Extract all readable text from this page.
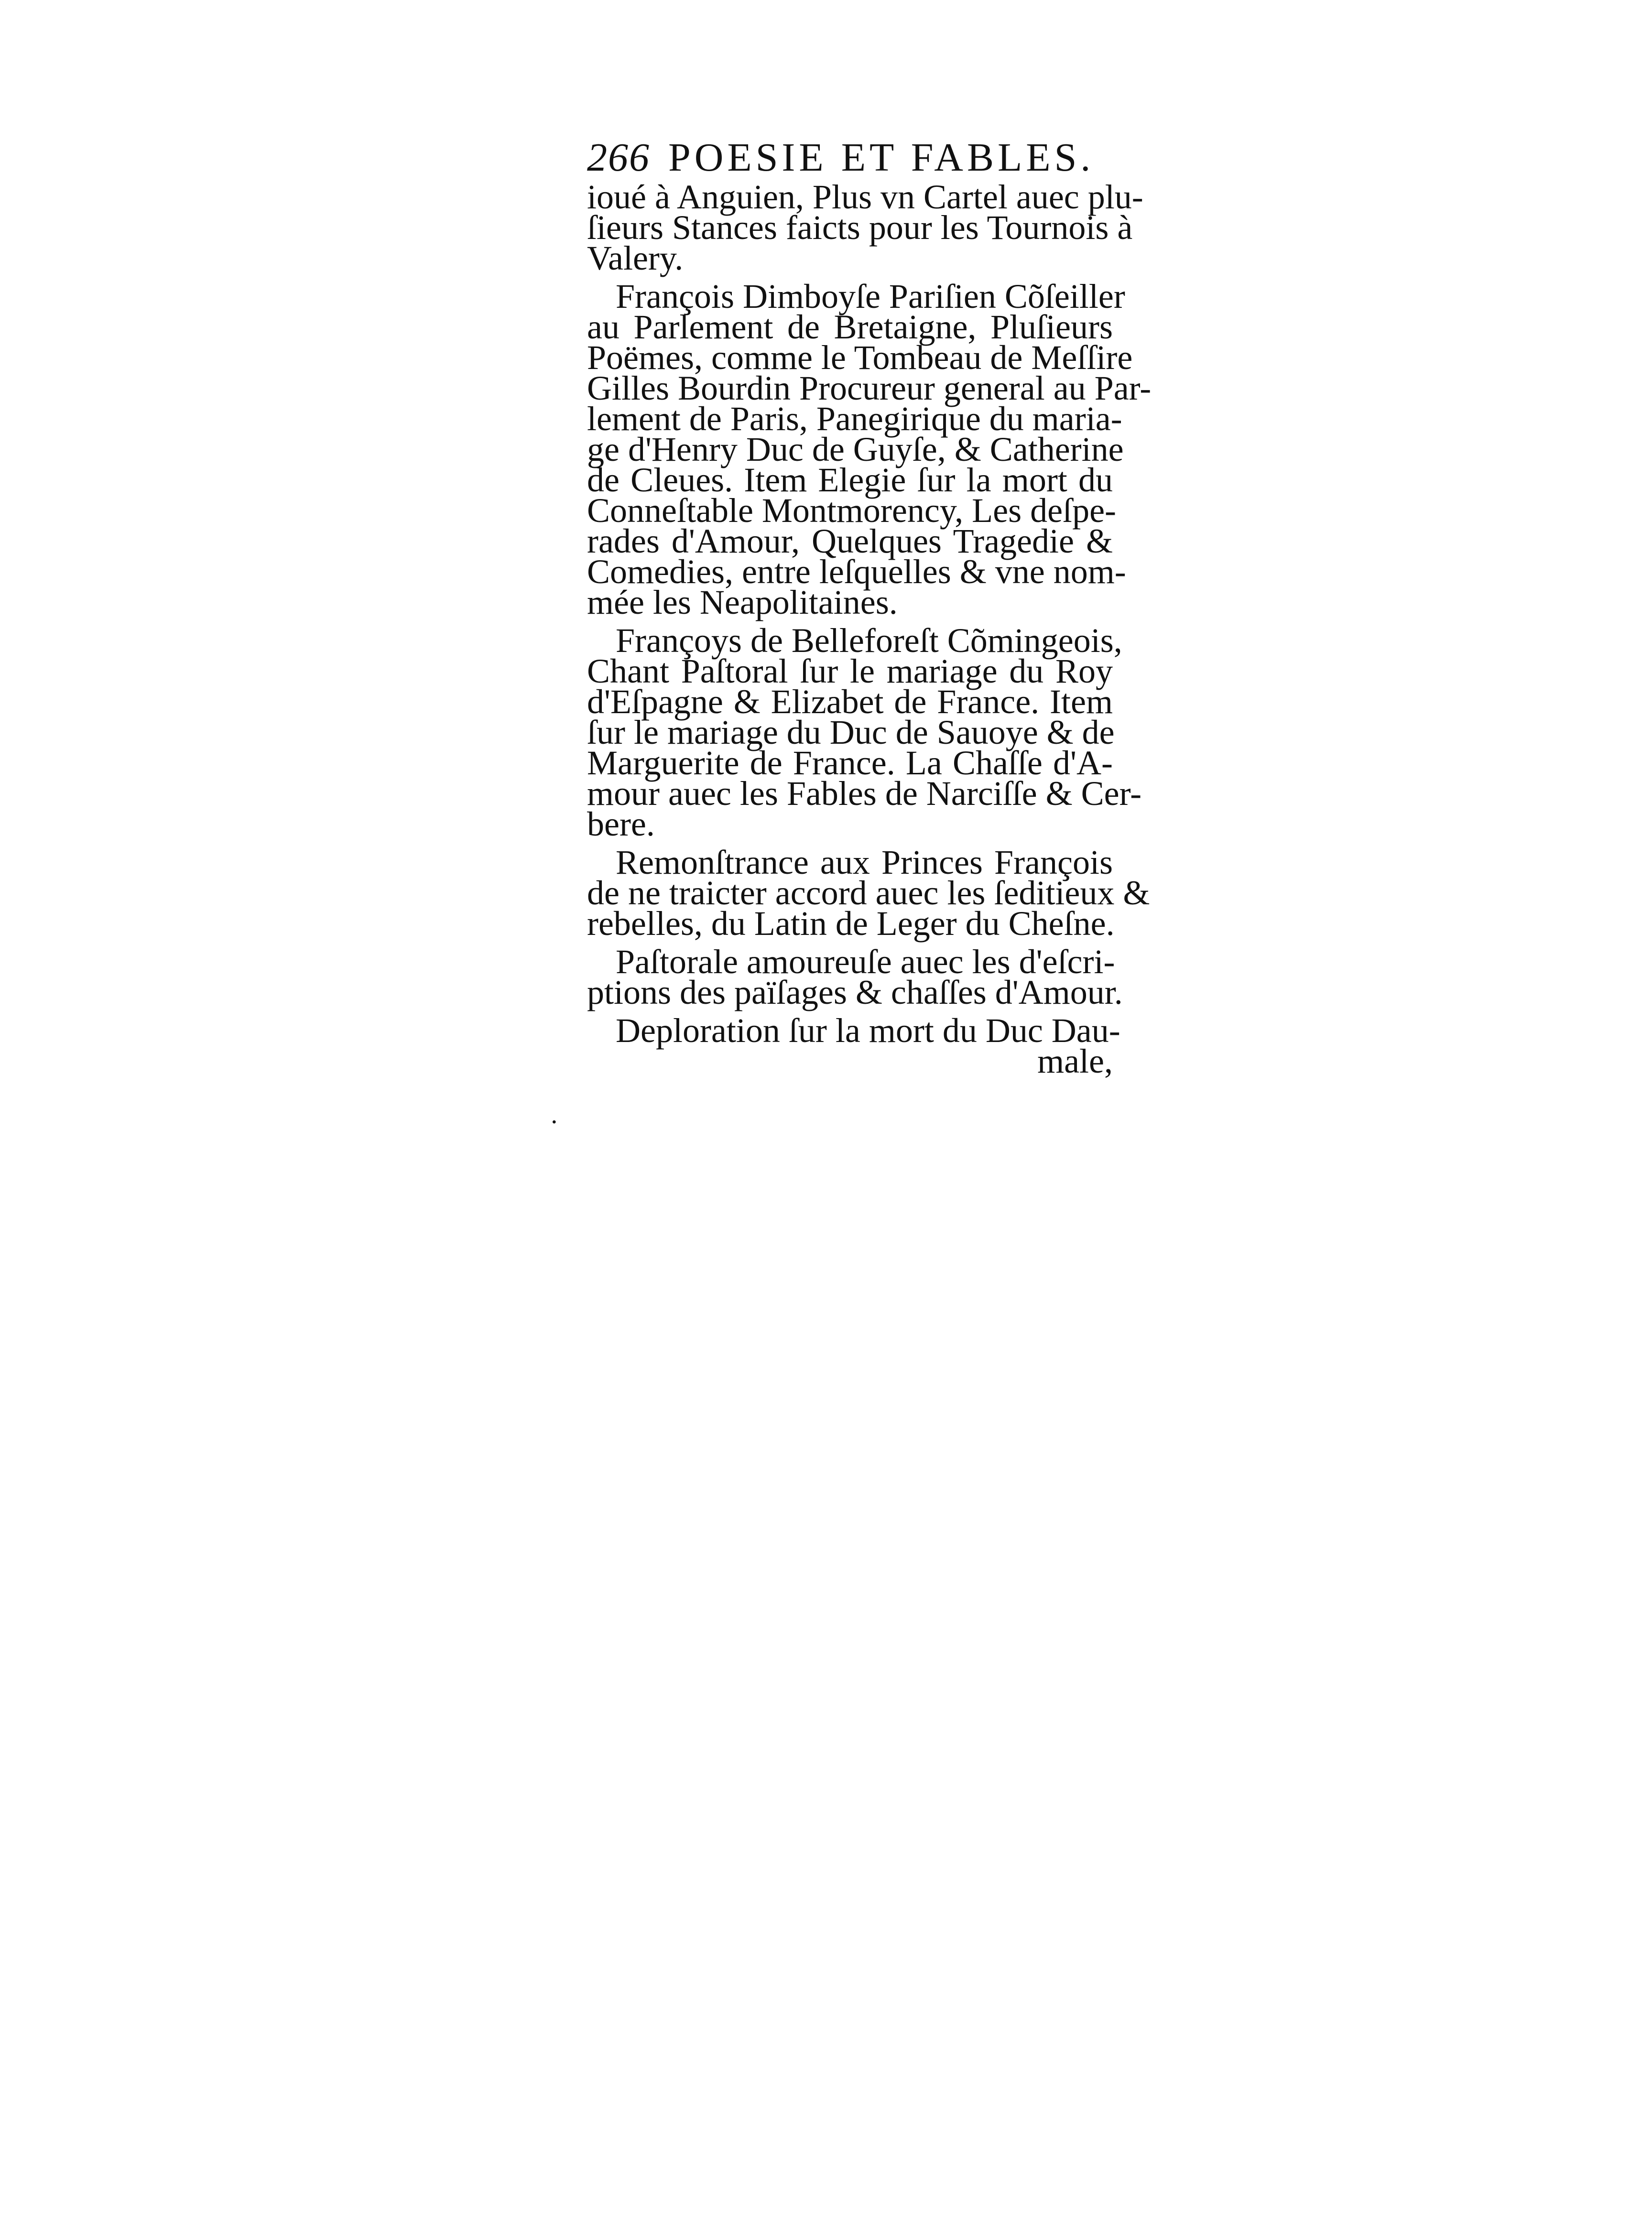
266 POESIE ET FABLES.

ioué à Anguien, Plus vn Cartel auec plu-
ſieurs Stances faicts pour les Tournois à
Valery.

François Dimboyſe Pariſien Cõſeiller
au Parlement de Bretaigne, Pluſieurs
Poëmes, comme le Tombeau de Meſſire
Gilles Bourdin Procureur general au Par-
lement de Paris, Panegirique du maria-
ge d'Henry Duc de Guyſe, & Catherine
de Cleues. Item Elegie ſur la mort du
Conneſtable Montmorency, Les deſpe-
rades d'Amour, Quelques Tragedie &
Comedies, entre leſquelles & vne nom-
mée les Neapolitaines.

Françoys de Belleforeſt Cõmingeois,
Chant Paſtoral ſur le mariage du Roy
d'Eſpagne & Elizabet de France. Item
ſur le mariage du Duc de Sauoye & de
Marguerite de France. La Chaſſe d'A-
mour auec les Fables de Narciſſe & Cer-
bere.

Remonſtrance aux Princes François
de ne traicter accord auec les ſeditieux &
rebelles, du Latin de Leger du Cheſne.

Paſtorale amoureuſe auec les d'eſcri-
ptions des païſages & chaſſes d'Amour.

Deploration ſur la mort du Duc Dau-
male,

·
